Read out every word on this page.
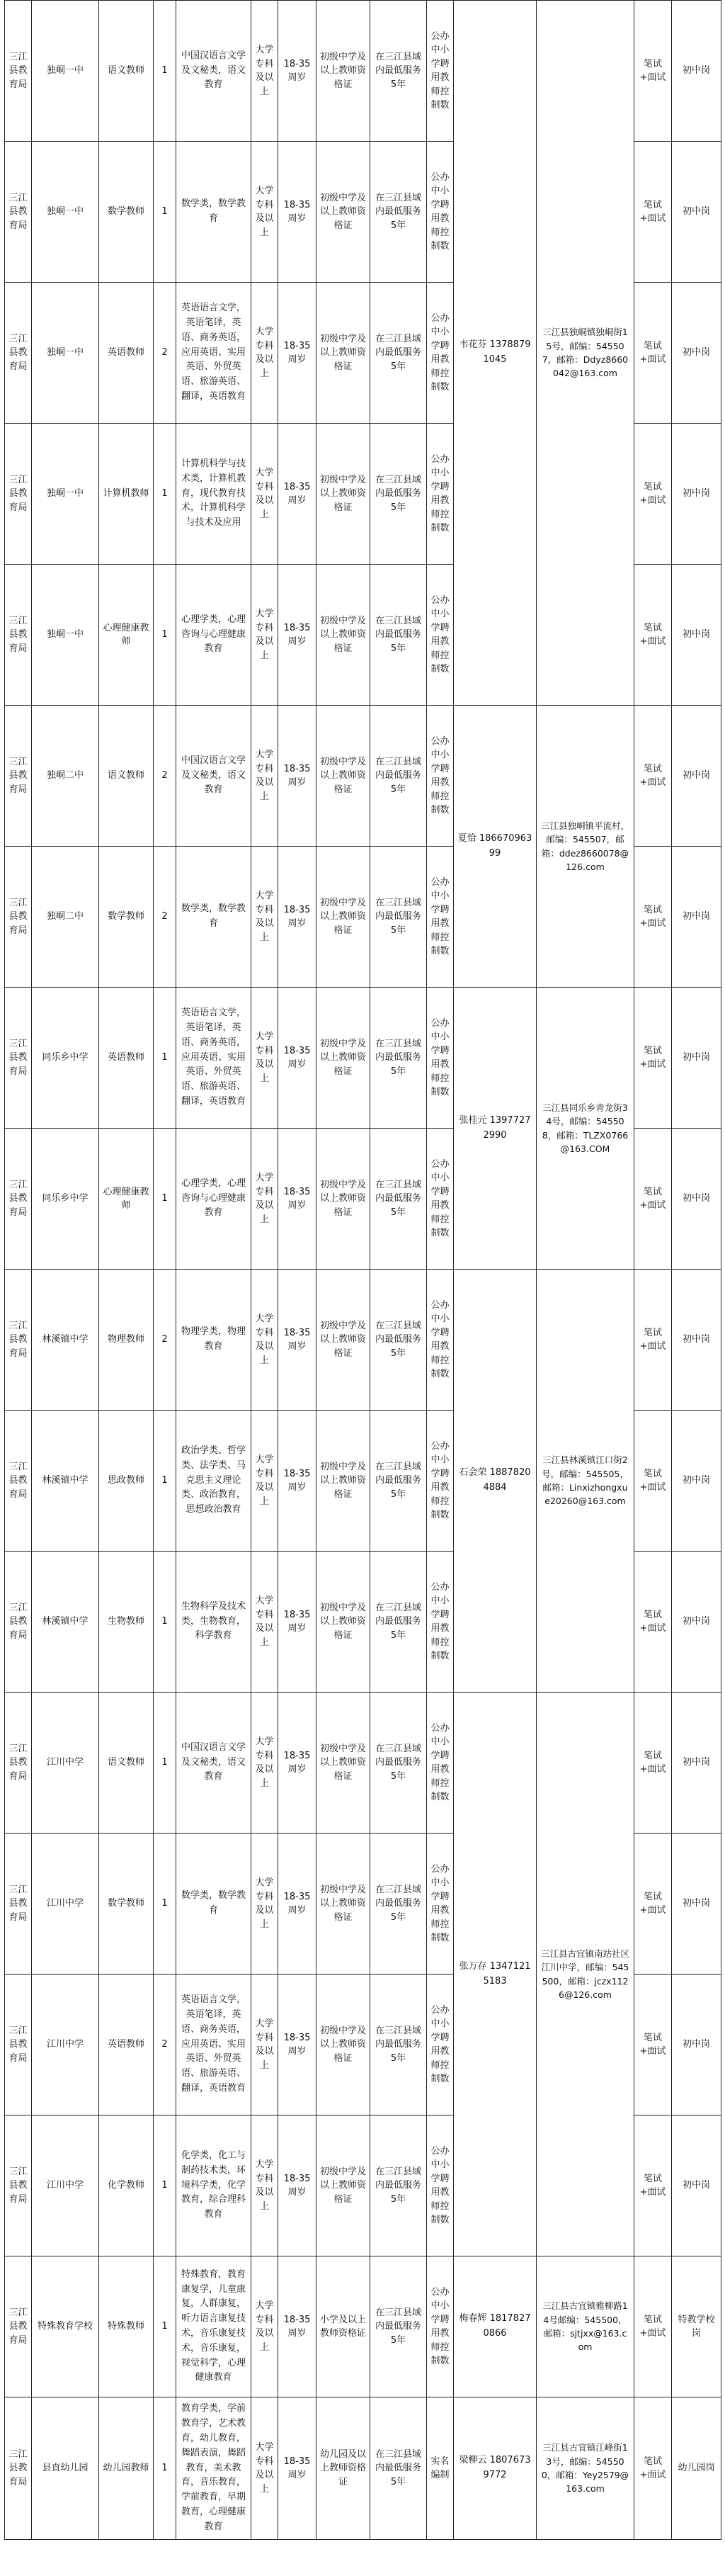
三江县教育局	独峒一中	语文教师	1	中国汉语言文学及文秘类，语文教育	大学专科及以上	18-35周岁	初级中学及以上教师资格证	在三江县域内最低服务5年	公办中小学聘用教师控制数	韦花芬 13788791045	三江县独峒镇独峒街15号，邮编：545507，邮箱：Ddyz8660042@163.com	笔试+面试	初中岗
三江县教育局	独峒一中	数学教师	1	数学类，数学教育	大学专科及以上	18-35周岁	初级中学及以上教师资格证	在三江县域内最低服务5年	公办中小学聘用教师控制数			笔试+面试	初中岗
三江县教育局	独峒一中	英语教师	2	英语语言文学，英语笔译，英语、商务英语，应用英语、实用英语、外贸英语、旅游英语、翻译，英语教育	大学专科及以上	18-35周岁	初级中学及以上教师资格证	在三江县域内最低服务5年	公办中小学聘用教师控制数			笔试+面试	初中岗
三江县教育局	独峒一中	计算机教师	1	计算机科学与技术类，计算机教育，现代教育技术，计算机科学与技术及应用	大学专科及以上	18-35周岁	初级中学及以上教师资格证	在三江县域内最低服务5年	公办中小学聘用教师控制数			笔试+面试	初中岗
三江县教育局	独峒一中	心理健康教师	1	心理学类，心理咨询与心理健康教育	大学专科及以上	18-35周岁	初级中学及以上教师资格证	在三江县域内最低服务5年	公办中小学聘用教师控制数			笔试+面试	初中岗
三江县教育局	独峒二中	语文教师	2	中国汉语言文学及文秘类，语文教育	大学专科及以上	18-35周岁	初级中学及以上教师资格证	在三江县域内最低服务5年	公办中小学聘用教师控制数	夏恰 18667096399	三江县独峒镇平流村，邮编：545507，邮箱：ddez8660078@126.com	笔试+面试	初中岗
三江县教育局	独峒二中	数学教师	2	数学类，数学教育	大学专科及以上	18-35周岁	初级中学及以上教师资格证	在三江县域内最低服务5年	公办中小学聘用教师控制数			笔试+面试	初中岗
三江县教育局	同乐乡中学	英语教师	1	英语语言文学，英语笔译，英语、商务英语，应用英语、实用英语、外贸英语、旅游英语、翻译，英语教育	大学专科及以上	18-35周岁	初级中学及以上教师资格证	在三江县域内最低服务5年	公办中小学聘用教师控制数	张桂元 13977272990	三江县同乐乡青龙街34号，邮编：545508，邮箱：TLZX0766@163.COM	笔试+面试	初中岗
三江县教育局	同乐乡中学	心理健康教师	1	心理学类，心理咨询与心理健康教育	大学专科及以上	18-35周岁	初级中学及以上教师资格证	在三江县域内最低服务5年	公办中小学聘用教师控制数			笔试+面试	初中岗
三江县教育局	林溪镇中学	物理教师	2	物理学类，物理教育	大学专科及以上	18-35周岁	初级中学及以上教师资格证	在三江县域内最低服务5年	公办中小学聘用教师控制数	石会荣 18878204884	三江县林溪镇江口街2号，邮编：545505，邮箱：Linxizhongxue20260@163.com	笔试+面试	初中岗
三江县教育局	林溪镇中学	思政教师	1	政治学类、哲学类、法学类、马克思主义理论类、政治教育，思想政治教育	大学专科及以上	18-35周岁	初级中学及以上教师资格证	在三江县域内最低服务5年	公办中小学聘用教师控制数			笔试+面试	初中岗
三江县教育局	林溪镇中学	生物教师	1	生物科学及技术类，生物教育，科学教育	大学专科及以上	18-35周岁	初级中学及以上教师资格证	在三江县域内最低服务5年	公办中小学聘用教师控制数			笔试+面试	初中岗
三江县教育局	江川中学	语文教师	1	中国汉语言文学及文秘类，语文教育	大学专科及以上	18-35周岁	初级中学及以上教师资格证	在三江县域内最低服务5年	公办中小学聘用教师控制数	张万存 13471215183	三江县古宜镇南站社区江川中学，邮编：545500，邮箱：jczx1126@126.com	笔试+面试	初中岗
三江县教育局	江川中学	数学教师	1	数学类，数学教育	大学专科及以上	18-35周岁	初级中学及以上教师资格证	在三江县域内最低服务5年	公办中小学聘用教师控制数			笔试+面试	初中岗
三江县教育局	江川中学	英语教师	2	英语语言文学，英语笔译，英语、商务英语，应用英语、实用英语、外贸英语、旅游英语、翻译，英语教育	大学专科及以上	18-35周岁	初级中学及以上教师资格证	在三江县域内最低服务5年	公办中小学聘用教师控制数			笔试+面试	初中岗
三江县教育局	江川中学	化学教师	1	化学类，化工与制药技术类，环境科学类，化学教育，综合理科教育	大学专科及以上	18-35周岁	初级中学及以上教师资格证	在三江县域内最低服务5年	公办中小学聘用教师控制数			笔试+面试	初中岗
三江县教育局	特殊教育学校	特殊教师	1	特殊教育，教育康复学，儿童康复，人群康复，听力语言康复技术，音乐康复技术，音乐康复，视觉科学，心理健康教育	大学专科及以上	18-35周岁	小学及以上教师资格证	在三江县域内最低服务5年	公办中小学聘用教师控制数	梅春辉 18178270866	三江县古宜镇雅柳路14号邮编：545500，邮箱：sjtjxx@163.com	笔试+面试	特教学校岗
三江县教育局	县直幼儿园	幼儿园教师	1	教育学类，学前教育学，艺术教育，幼儿教育，舞蹈表演，舞蹈教育，美术教育，音乐教育，学前教育，早期教育，心理健康教育	大学专科及以上	18-35周岁	幼儿园及以上教师资格证	在三江县域内最低服务5年	实名编制	梁柳云 18076739772	三江县古宜镇江峰街13号，邮编：545500，邮箱：Yey2579@163.com	笔试+面试	幼儿园岗
